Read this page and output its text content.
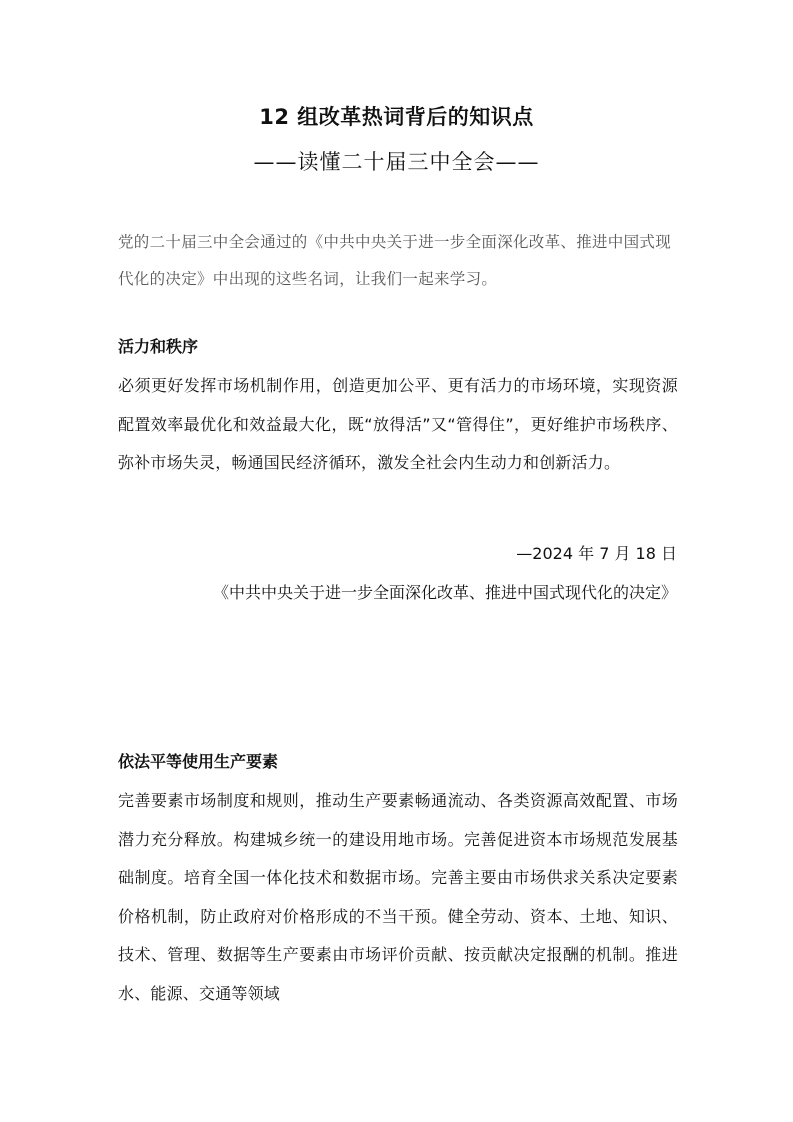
12 组改革热词背后的知识点
——读懂二十届三中全会——
党的二十届三中全会通过的《中共中央关于进一步全面深化改革、推进中国式现代化的决定》中出现的这些名词，让我们一起来学习。
活力和秩序
必须更好发挥市场机制作用，创造更加公平、更有活力的市场环境，实现资源配置效率最优化和效益最大化，既“放得活”又“管得住”，更好维护市场秩序、弥补市场失灵，畅通国民经济循环，激发全社会内生动力和创新活力。
—2024 年 7 月 18 日
《中共中央关于进一步全面深化改革、推进中国式现代化的决定》
依法平等使用生产要素
完善要素市场制度和规则，推动生产要素畅通流动、各类资源高效配置、市场潜力充分释放。构建城乡统一的建设用地市场。完善促进资本市场规范发展基础制度。培育全国一体化技术和数据市场。完善主要由市场供求关系决定要素价格机制，防止政府对价格形成的不当干预。健全劳动、资本、土地、知识、技术、管理、数据等生产要素由市场评价贡献、按贡献决定报酬的机制。推进水、能源、交通等领域
